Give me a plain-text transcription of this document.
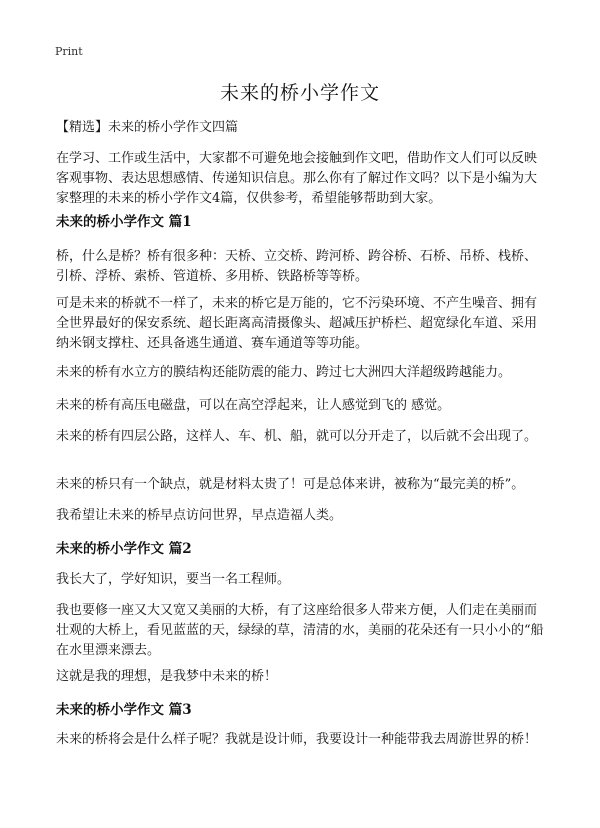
Print
未来的桥小学作文
【精选】未来的桥小学作文四篇
在学习、工作或生活中，大家都不可避免地会接触到作文吧，借助作文人们可以反映客观事物、表达思想感情、传递知识信息。那么你有了解过作文吗？以下是小编为大家整理的未来的桥小学作文4篇，仅供参考，希望能够帮助到大家。
未来的桥小学作文 篇1
桥，什么是桥？桥有很多种：天桥、立交桥、跨河桥、跨谷桥、石桥、吊桥、栈桥、引桥、浮桥、索桥、管道桥、多用桥、铁路桥等等桥。
可是未来的桥就不一样了，未来的桥它是万能的，它不污染环境、不产生噪音、拥有全世界最好的保安系统、超长距离高清摄像头、超减压护桥栏、超宽绿化车道、采用纳米钢支撑柱、还具备逃生通道、赛车通道等等功能。
未来的桥有水立方的膜结构还能防震的能力、跨过七大洲四大洋超级跨越能力。
未来的桥有高压电磁盘，可以在高空浮起来，让人感觉到飞的 感觉。
未来的桥有四层公路，这样人、车、机、船，就可以分开走了，以后就不会出现了。
未来的桥只有一个缺点，就是材料太贵了！可是总体来讲，被称为“最完美的桥”。
我希望让未来的桥早点访问世界，早点造福人类。
未来的桥小学作文 篇2
我长大了，学好知识，要当一名工程师。
我也要修一座又大又宽又美丽的大桥，有了这座给很多人带来方便，人们走在美丽而壮观的大桥上，看见蓝蓝的天，绿绿的草，清清的水，美丽的花朵还有一只小小的“船在水里漂来漂去。
这就是我的理想，是我梦中未来的桥！
未来的桥小学作文 篇3
未来的桥将会是什么样子呢？我就是设计师，我要设计一种能带我去周游世界的桥！
